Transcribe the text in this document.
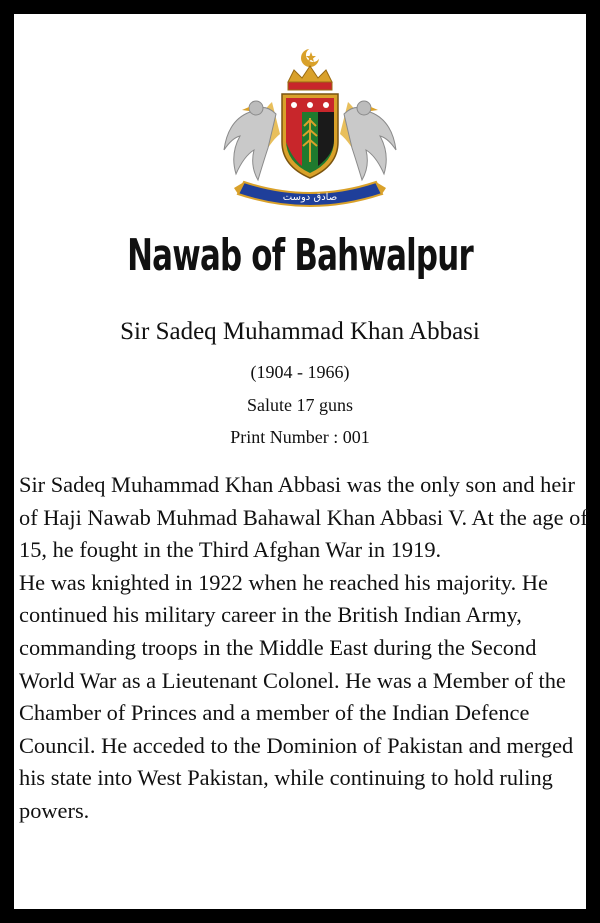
صادق دوست
Nawab of Bahwalpur
Sir Sadeq Muhammad Khan Abbasi
(1904 - 1966)
Salute 17 guns
Print Number : 001

Sir Sadeq Muhammad Khan Abbasi was the only son and heir of Haji Nawab Muhmad Bahawal Khan Abbasi V. At the age of 15, he fought in the Third Afghan War in 1919.

He was knighted in 1922 when he reached his majority. He continued his military career in the British Indian Army, commanding troops in the Middle East during the Second World War as a Lieutenant Colonel. He was a Member of the Chamber of Princes and a member of the Indian Defence Council. He acceded to the Dominion of Pakistan and merged his state into West Pakistan, while continuing to hold ruling powers.
